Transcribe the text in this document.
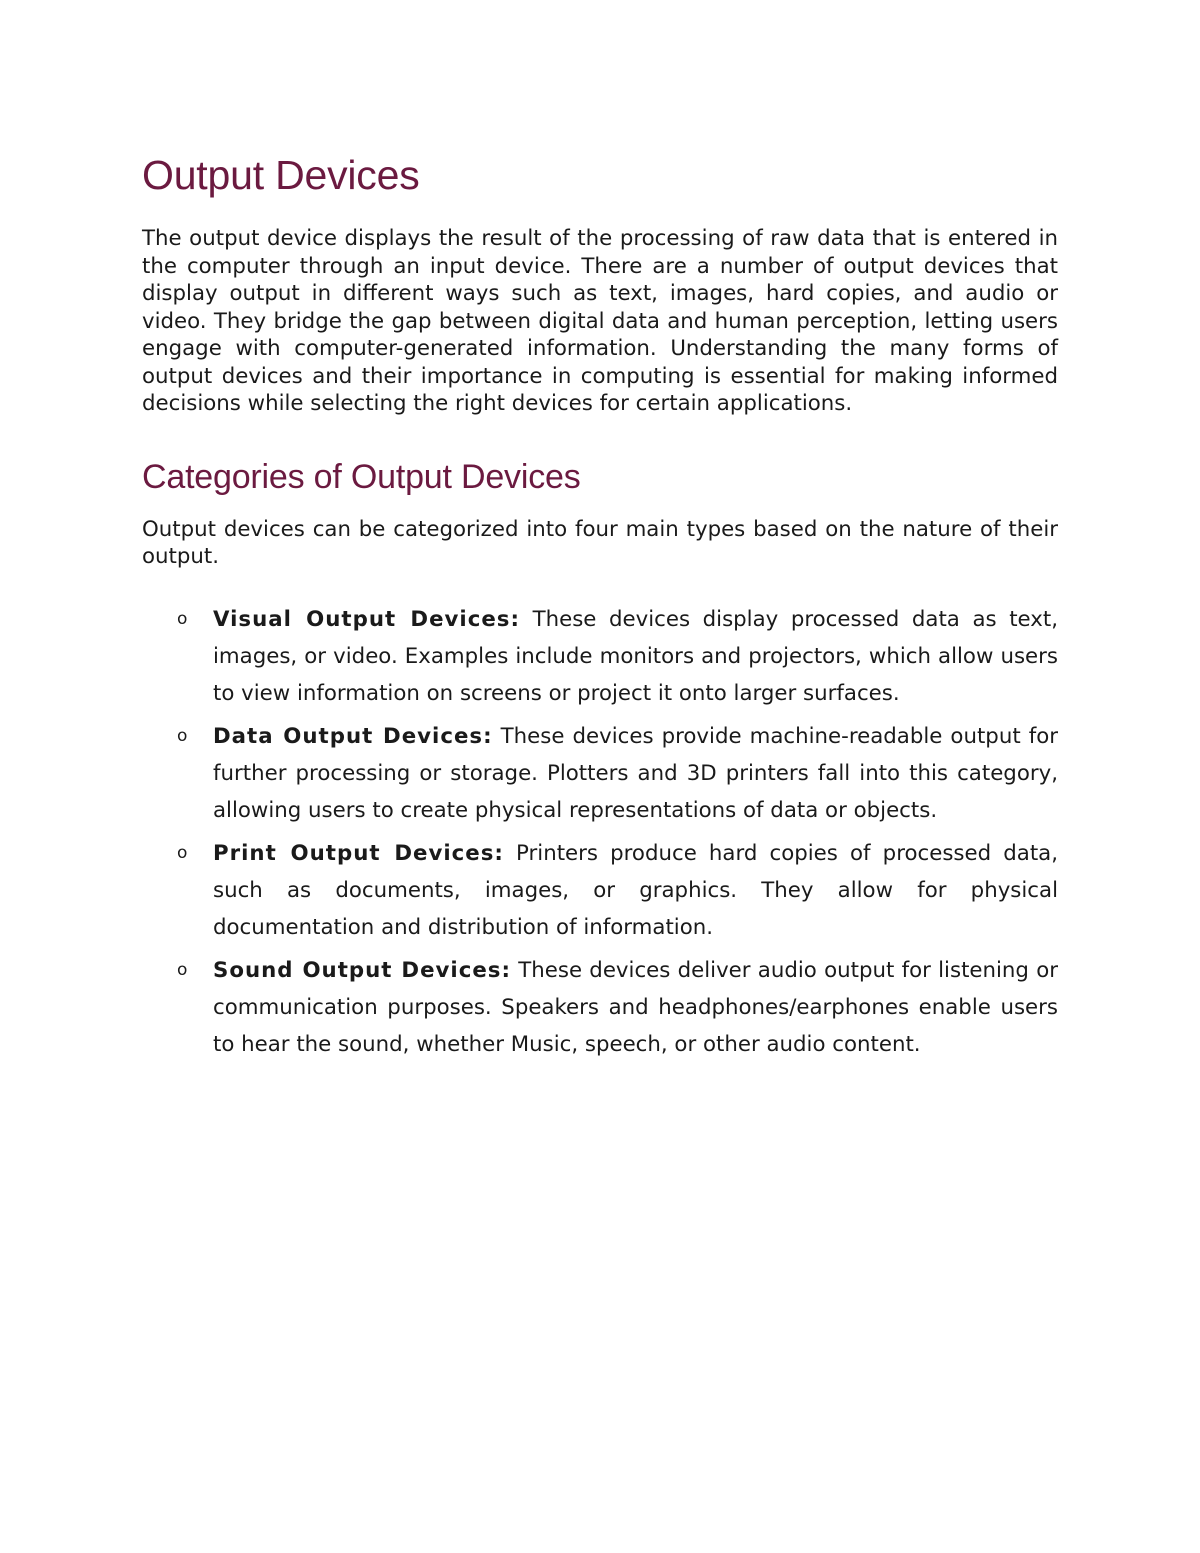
Output Devices

The output device displays the result of the processing of raw data that is entered in the computer through an input device. There are a number of output devices that display output in different ways such as text, images, hard copies, and audio or video. They bridge the gap between digital data and human perception, letting users engage with computer-generated information. Understanding the many forms of output devices and their importance in computing is essential for making informed decisions while selecting the right devices for certain applications.

Categories of Output Devices

Output devices can be categorized into four main types based on the nature of their output.

o Visual Output Devices: These devices display processed data as text, images, or video. Examples include monitors and projectors, which allow users to view information on screens or project it onto larger surfaces.

o Data Output Devices: These devices provide machine-readable output for further processing or storage. Plotters and 3D printers fall into this category, allowing users to create physical representations of data or objects.

o Print Output Devices: Printers produce hard copies of processed data, such as documents, images, or graphics. They allow for physical documentation and distribution of information.

o Sound Output Devices: These devices deliver audio output for listening or communication purposes. Speakers and headphones/earphones enable users to hear the sound, whether Music, speech, or other audio content.
